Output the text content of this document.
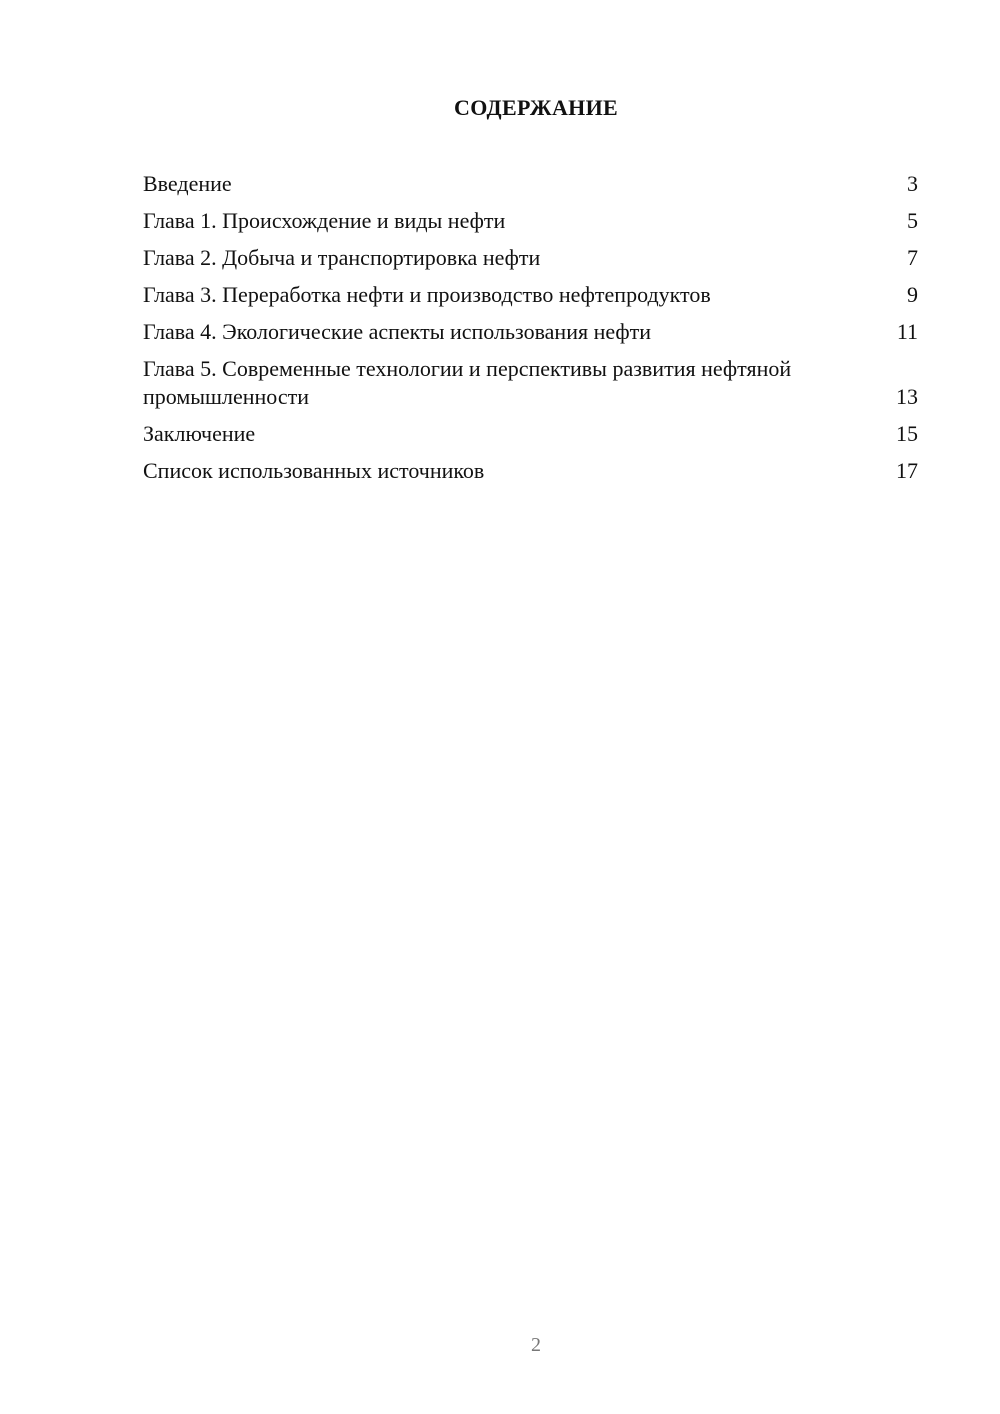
СОДЕРЖАНИЕ
Введение	3
Глава 1. Происхождение и виды нефти	5
Глава 2. Добыча и транспортировка нефти	7
Глава 3. Переработка нефти и производство нефтепродуктов	9
Глава 4. Экологические аспекты использования нефти	11
Глава 5. Современные технологии и перспективы развития нефтяной промышленности	13
Заключение	15
Список использованных источников	17
2
